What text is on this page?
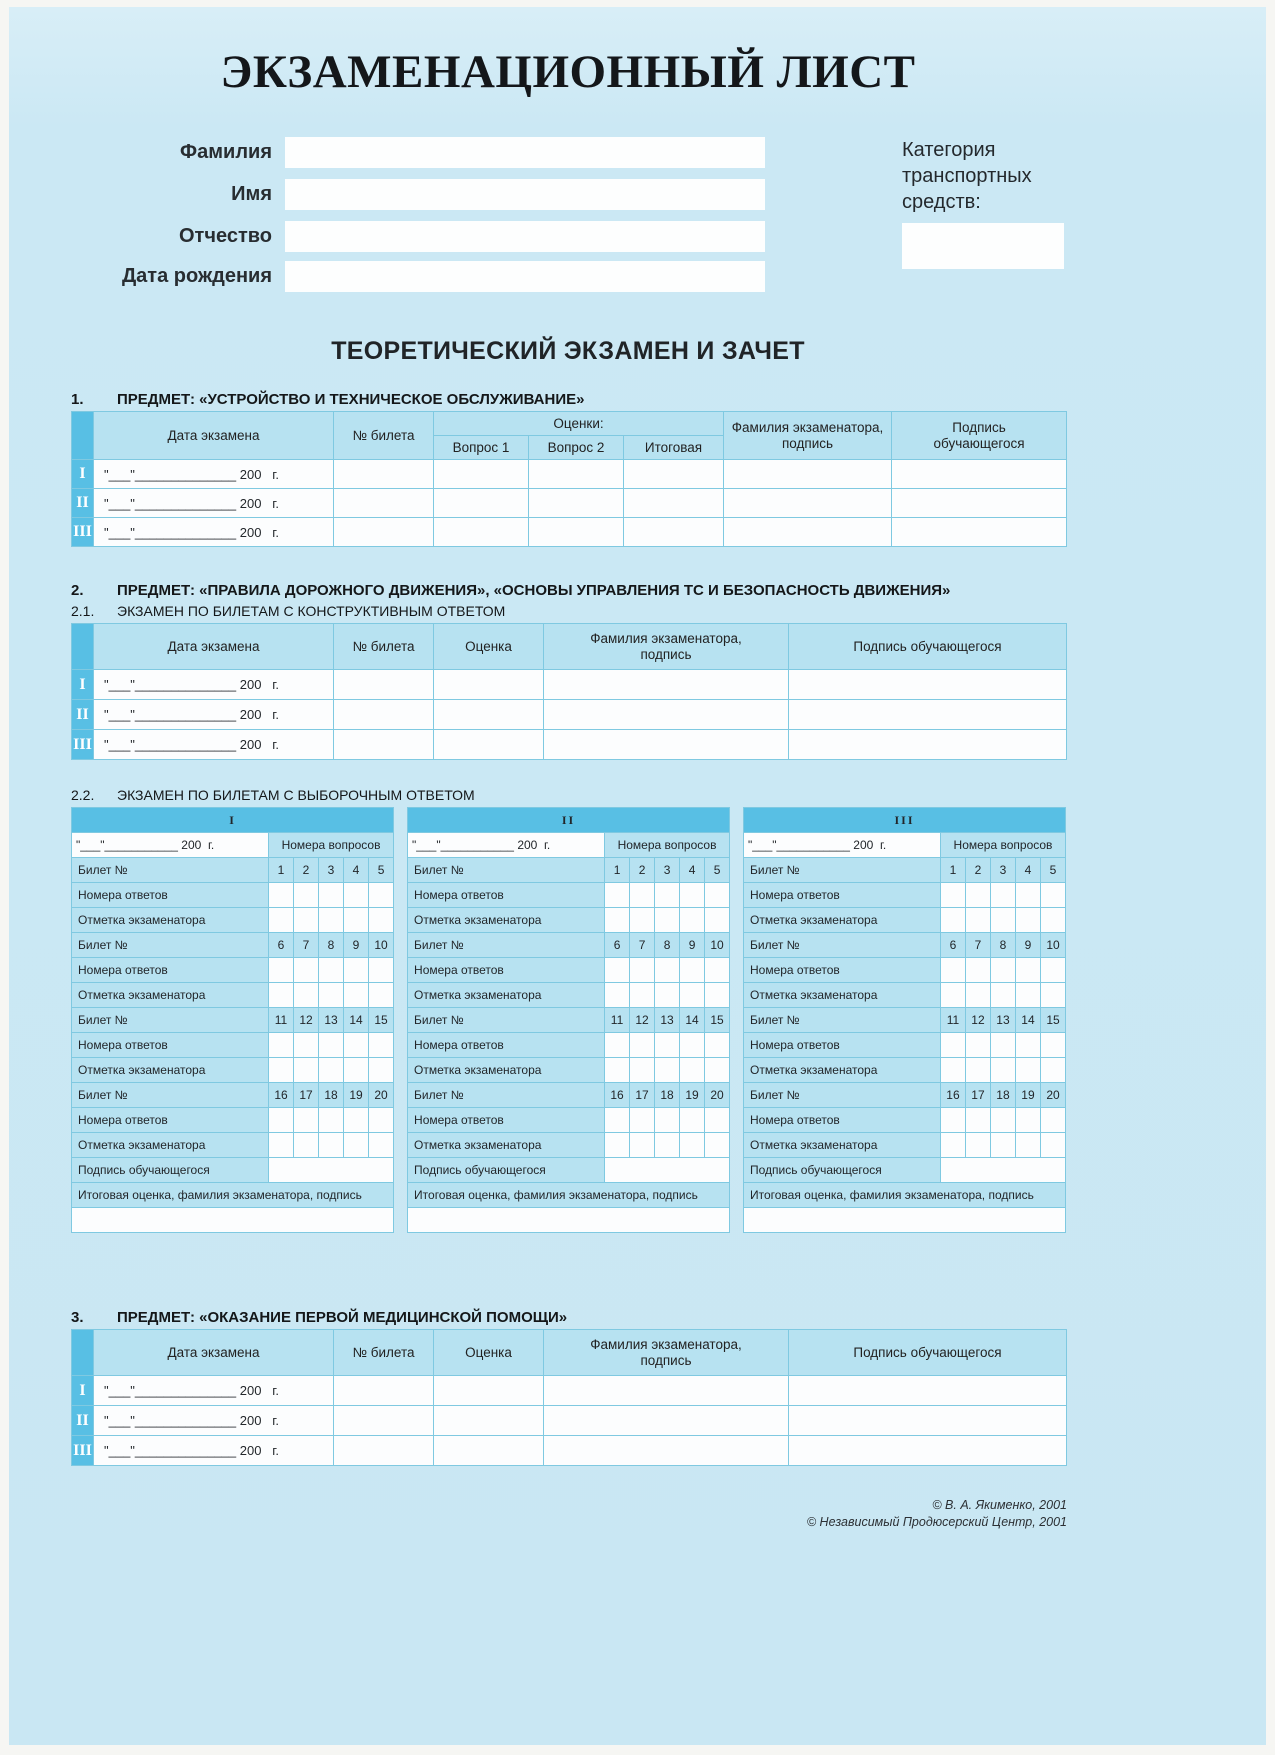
ЭКЗАМЕНАЦИОННЫЙ ЛИСТ
Фамилия
Имя
Отчество
Дата рождения
Категория транспортных средств:
ТЕОРЕТИЧЕСКИЙ ЭКЗАМЕН И ЗАЧЕТ
1.	ПРЕДМЕТ: «УСТРОЙСТВО И ТЕХНИЧЕСКОЕ ОБСЛУЖИВАНИЕ»
	Дата экзамена	№ билета	Оценки:			Фамилия экзаменатора, подпись	Подпись обучающегося
			Вопрос 1	Вопрос 2	Итоговая		
I	"___"______________ 200   г.						
II	"___"______________ 200   г.						
III	"___"______________ 200   г.						
2.	ПРЕДМЕТ: «ПРАВИЛА ДОРОЖНОГО ДВИЖЕНИЯ», «ОСНОВЫ УПРАВЛЕНИЯ ТС И БЕЗОПАСНОСТЬ ДВИЖЕНИЯ»
2.1.	ЭКЗАМЕН ПО БИЛЕТАМ С КОНСТРУКТИВНЫМ ОТВЕТОМ
	Дата экзамена	№ билета	Оценка	Фамилия экзаменатора, подпись	Подпись обучающегося
I	"___"______________ 200   г.				
II	"___"______________ 200   г.				
III	"___"______________ 200   г.				
2.2.	ЭКЗАМЕН ПО БИЛЕТАМ С ВЫБОРОЧНЫМ ОТВЕТОМ
I					
"___"___________ 200  г.	Номера вопросов				
Билет №	1	2	3	4	5
Номера ответов					
Отметка экзаменатора					
Билет №	6	7	8	9	10
Номера ответов					
Отметка экзаменатора					
Билет №	11	12	13	14	15
Номера ответов					
Отметка экзаменатора					
Билет №	16	17	18	19	20
Номера ответов					
Отметка экзаменатора					
Подпись обучающегося					
Итоговая оценка, фамилия экзаменатора, подпись					

II					
"___"___________ 200  г.	Номера вопросов				
Билет №	1	2	3	4	5
Номера ответов					
Отметка экзаменатора					
Билет №	6	7	8	9	10
Номера ответов					
Отметка экзаменатора					
Билет №	11	12	13	14	15
Номера ответов					
Отметка экзаменатора					
Билет №	16	17	18	19	20
Номера ответов					
Отметка экзаменатора					
Подпись обучающегося					
Итоговая оценка, фамилия экзаменатора, подпись					

III					
"___"___________ 200  г.	Номера вопросов				
Билет №	1	2	3	4	5
Номера ответов					
Отметка экзаменатора					
Билет №	6	7	8	9	10
Номера ответов					
Отметка экзаменатора					
Билет №	11	12	13	14	15
Номера ответов					
Отметка экзаменатора					
Билет №	16	17	18	19	20
Номера ответов					
Отметка экзаменатора					
Подпись обучающегося					
Итоговая оценка, фамилия экзаменатора, подпись					

3.	ПРЕДМЕТ: «ОКАЗАНИЕ ПЕРВОЙ МЕДИЦИНСКОЙ ПОМОЩИ»
	Дата экзамена	№ билета	Оценка	Фамилия экзаменатора, подпись	Подпись обучающегося
I	"___"______________ 200   г.				
II	"___"______________ 200   г.				
III	"___"______________ 200   г.				
© В. А. Якименко, 2001
© Независимый Продюсерский Центр, 2001
